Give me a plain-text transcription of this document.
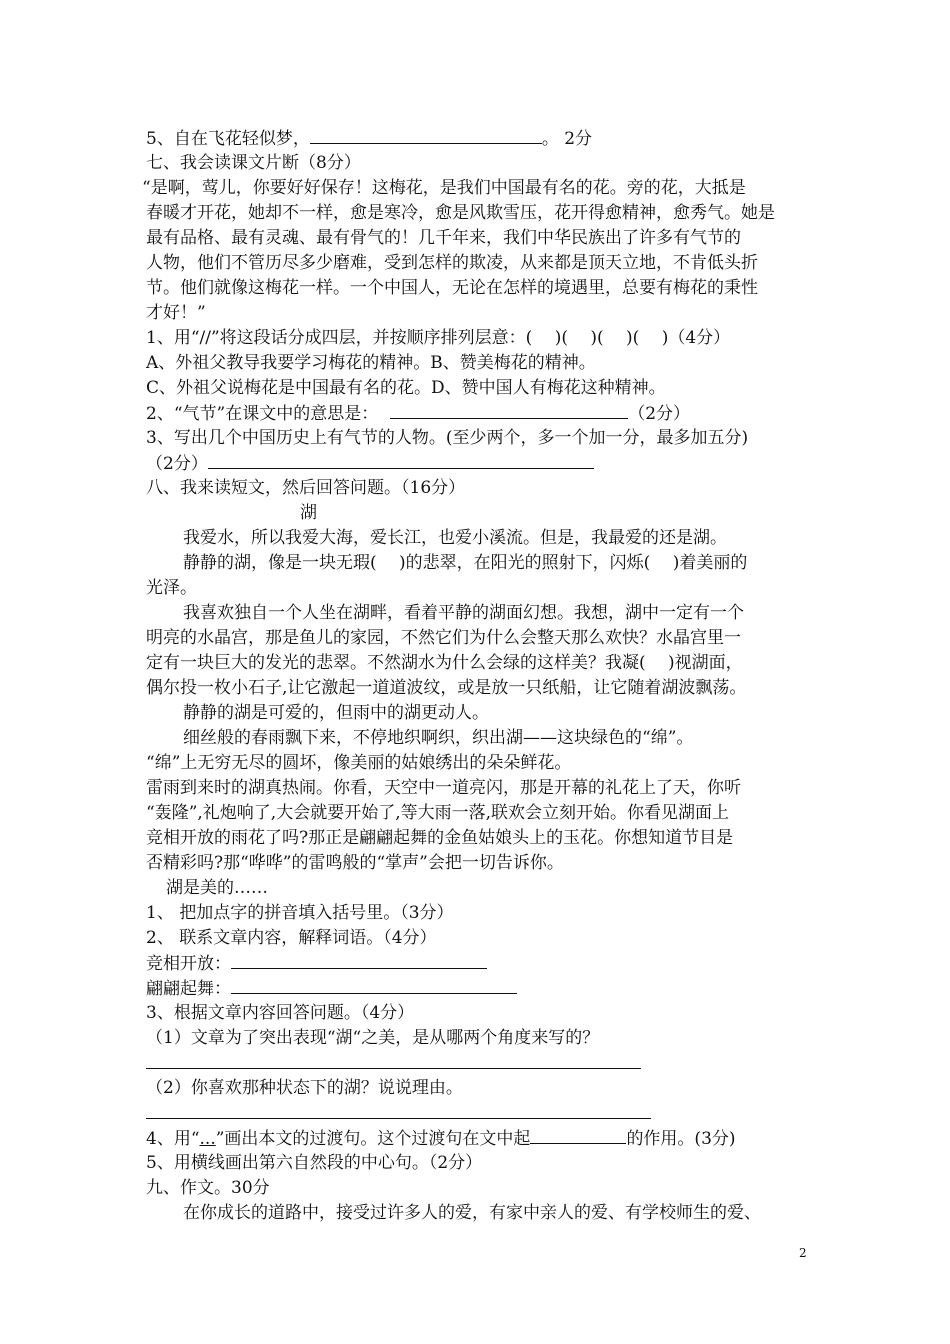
5、自在飞花轻似梦，	。 2分
七、我会读课文片断（8分）
“是啊，莺儿，你要好好保存！这梅花，是我们中国最有名的花。旁的花，大抵是
春暖才开花，她却不一样，愈是寒冷，愈是风欺雪压，花开得愈精神，愈秀气。她是
最有品格、最有灵魂、最有骨气的！几千年来，我们中华民族出了许多有气节的
人物，他们不管历尽多少磨难，受到怎样的欺凌，从来都是顶天立地，不肯低头折
节。他们就像这梅花一样。一个中国人，无论在怎样的境遇里，总要有梅花的秉性
才好！”
1、用“//”将这段话分成四层，并按顺序排列层意：(　 )(　 )(　 )(　 )（4分）
A、外祖父教导我要学习梅花的精神。B、赞美梅花的精神。
C、外祖父说梅花是中国最有名的花。D、赞中国人有梅花这种精神。
2、“气节”在课文中的意思是：	（2分）
3、写出几个中国历史上有气节的人物。(至少两个，多一个加一分，最多加五分)
（2分）
八、我来读短文，然后回答问题。（16分）
湖
我爱水，所以我爱大海，爱长江，也爱小溪流。但是，我最爱的还是湖。
静静的湖，像是一块无瑕(　 )的悲翠，在阳光的照射下，闪烁(　 )着美丽的
光泽。
我喜欢独自一个人坐在湖畔，看着平静的湖面幻想。我想，湖中一定有一个
明亮的水晶宫，那是鱼儿的家园，不然它们为什么会整天那么欢快？水晶宫里一
定有一块巨大的发光的悲翠。不然湖水为什么会绿的这样美？我凝(　 )视湖面，
偶尔投一枚小石子,让它激起一道道波纹，或是放一只纸船，让它随着湖波飘荡。
静静的湖是可爱的，但雨中的湖更动人。
细丝般的春雨飘下来，不停地织啊织，织出湖——这块绿色的“绵”。
“绵”上无穷无尽的圆坏，像美丽的姑娘绣出的朵朵鲜花。
雷雨到来时的湖真热闹。你看，天空中一道亮闪，那是开幕的礼花上了天，你听
“轰隆”,礼炮响了,大会就要开始了,等大雨一落,联欢会立刻开始。你看见湖面上
竞相开放的雨花了吗?那正是翩翩起舞的金鱼姑娘头上的玉花。你想知道节目是
否精彩吗?那“哗哗”的雷鸣般的“掌声”会把一切告诉你。
湖是美的……
1、 把加点字的拼音填入括号里。（3分）
2、 联系文章内容，解释词语。（4分）
竞相开放：
翩翩起舞：
3、根据文章内容回答问题。（4分）
（1）文章为了突出表现“湖“之美，是从哪两个角度来写的？
（2）你喜欢那种状态下的湖？说说理由。
4、用“...”画出本文的过渡句。这个过渡句在文中起	的作用。(3分)
5、用横线画出第六自然段的中心句。（2分）
九、作文。30分
在你成长的道路中，接受过许多人的爱，有家中亲人的爱、有学校师生的爱、
2
